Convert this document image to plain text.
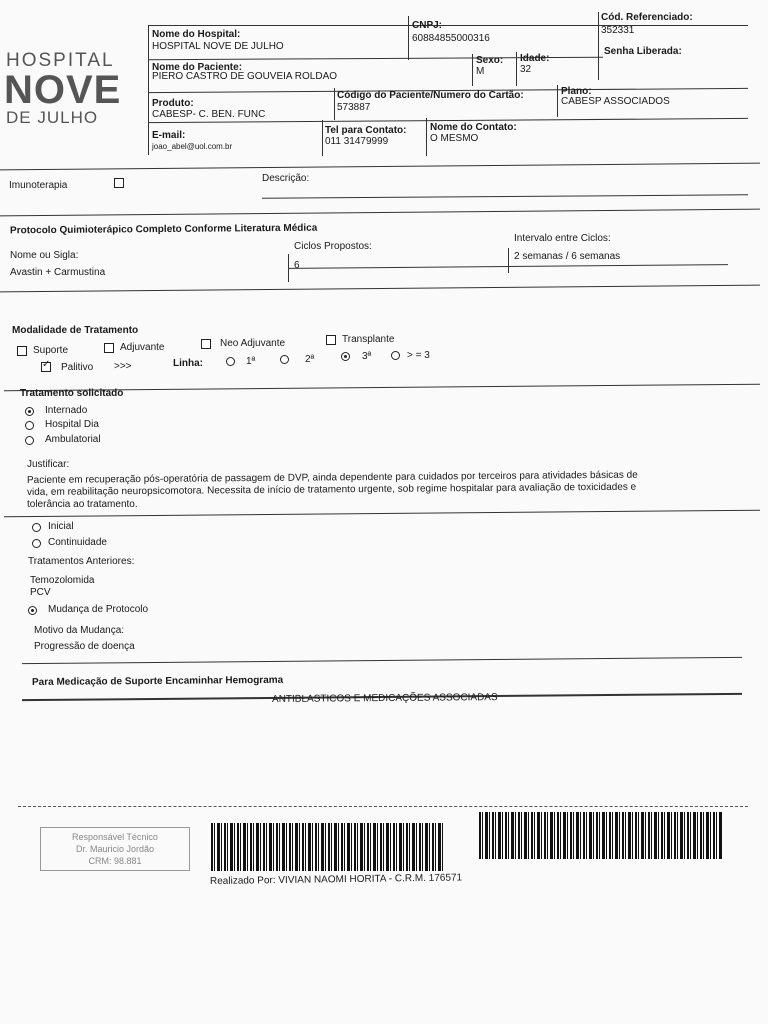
HOSPITAL
NOVE
DE JULHO
Nome do Hospital:
HOSPITAL NOVE DE JULHO
CNPJ:
60884855000316
Cód. Referenciado:
352331
Nome do Paciente:
PIERO CASTRO DE GOUVEIA ROLDAO
Sexo:
M
Idade:
32
Senha Liberada:
Produto:
CABESP- C. BEN. FUNC
Código do Paciente/Numero do Cartão:
573887
Plano:
CABESP ASSOCIADOS
E-mail:
joao_abel@uol.com.br
Tel para Contato:
011 31479999
Nome do Contato:
O MESMO
Imunoterapia
Descrição:
Protocolo Quimioterápico Completo Conforme Literatura Médica
Nome ou Sigla:
Avastin + Carmustina
Ciclos Propostos:
6
Intervalo entre Ciclos:
2 semanas / 6 semanas
Modalidade de Tratamento
Suporte	Adjuvante	Neo Adjuvante	Transplante
✓ Palitivo >>>	Linha:	1ª	2ª	3ª	> = 3
Tratamento solicitado
Internado
Hospital Dia
Ambulatorial
Justificar:
Paciente em recuperação pós-operatória de passagem de DVP, ainda dependente para cuidados por terceiros para atividades básicas de
vida, em reabilitação neuropsicomotora. Necessita de início de tratamento urgente, sob regime hospitalar para avaliação de toxicidades e
tolerância ao tratamento.
Inicial
Continuidade
Tratamentos Anteriores:
Temozolomida
PCV
Mudança de Protocolo
Motivo da Mudança:
Progressão de doença
Para Medicação de Suporte Encaminhar Hemograma
ANTIBLASTICOS E MEDICAÇÕES ASSOCIADAS
Responsável Técnico
Dr. Mauricio Jordão
CRM: 98.881
Realizado Por: VIVIAN NAOMI HORITA - C.R.M. 176571
